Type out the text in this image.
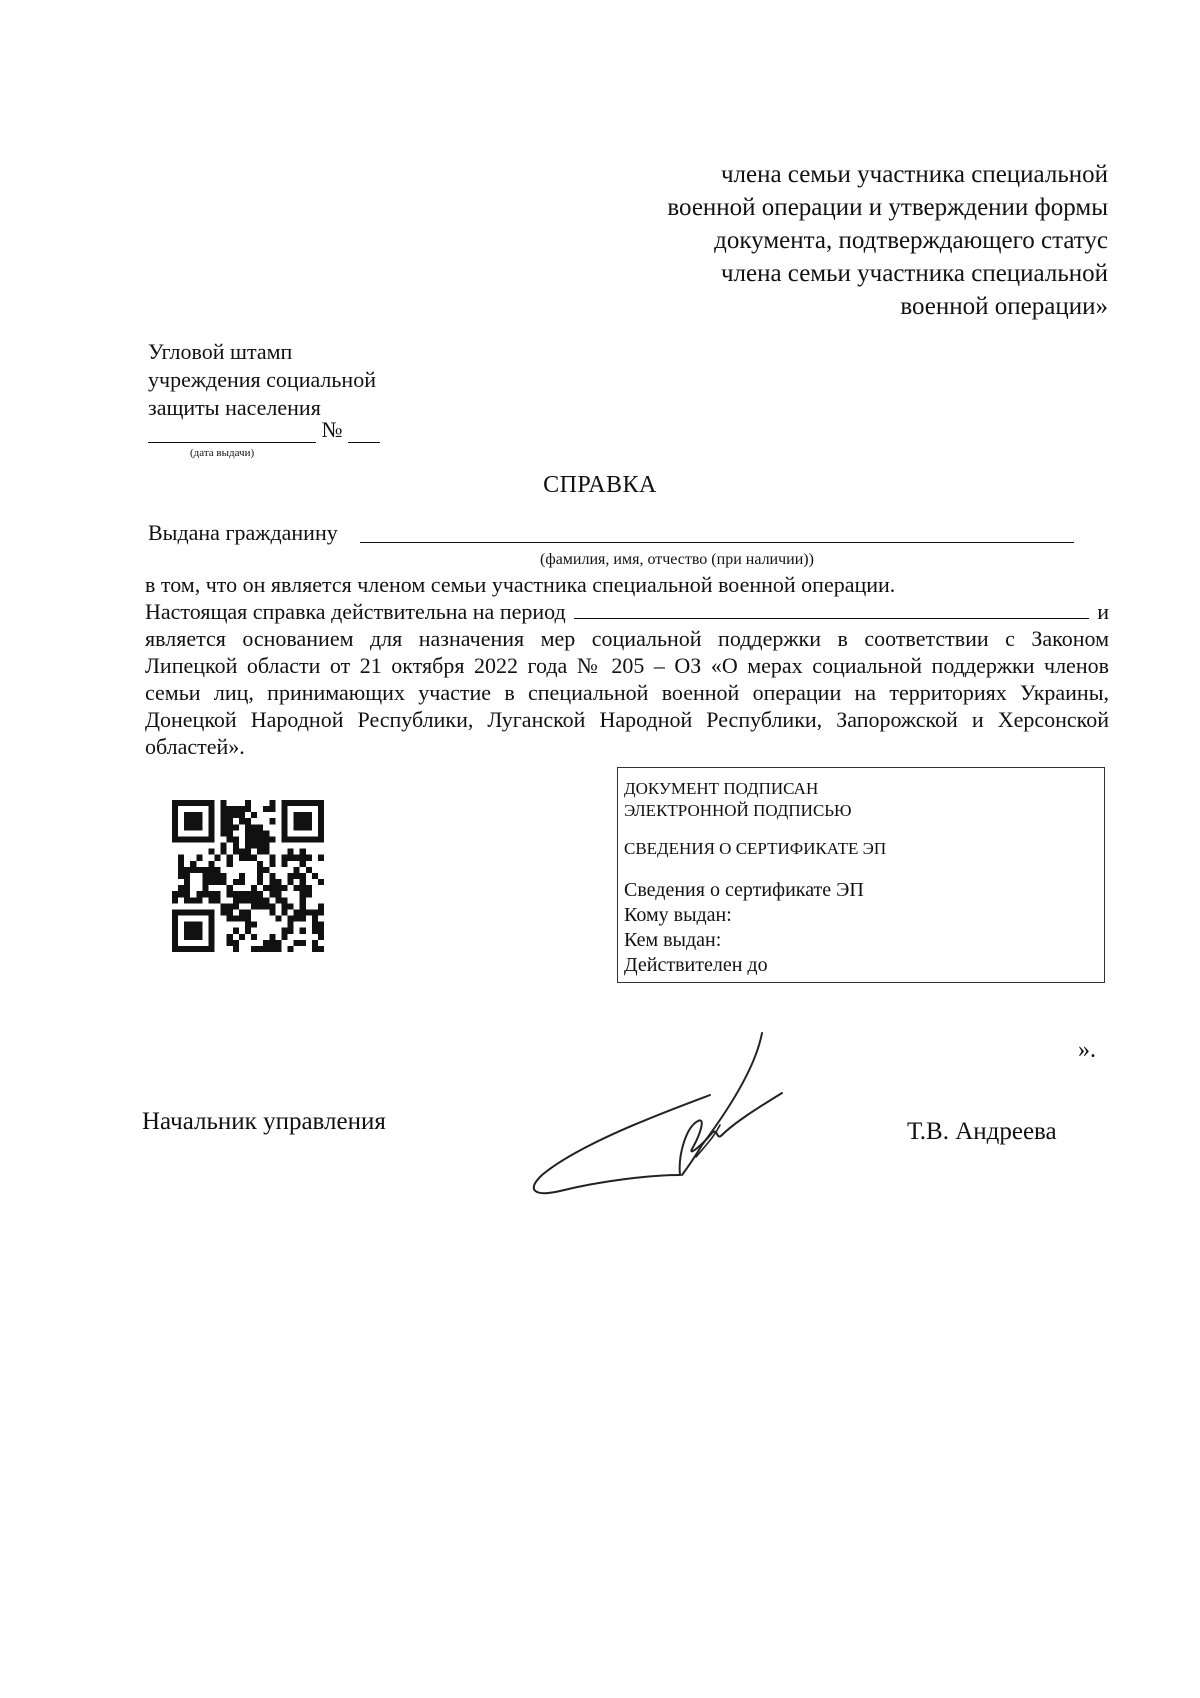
члена семьи участника специальной
военной операции и утверждении формы
документа, подтверждающего статус
члена семьи участника специальной
военной операции»
Угловой штамп
учреждения социальной
защиты населения
№
(дата выдачи)
СПРАВКА
Выдана гражданину
(фамилия, имя, отчество (при наличии))
в том, что он является членом семьи участника специальной военной операции.
Настоящая справка действительна на период	и
является основанием для назначения мер социальной поддержки в соответствии с Законом
Липецкой области от 21 октября 2022 года № 205 – ОЗ «О мерах социальной поддержки членов
семьи лиц, принимающих участие в специальной военной операции на территориях Украины,
Донецкой Народной Республики, Луганской Народной Республики, Запорожской и Херсонской
областей».
ДОКУМЕНТ ПОДПИСАН
ЭЛЕКТРОННОЙ ПОДПИСЬЮ
СВЕДЕНИЯ О СЕРТИФИКАТЕ ЭП
Сведения о сертификате ЭП
Кому выдан:
Кем выдан:
Действителен до
».
Начальник управления	Т.В. Андреева
